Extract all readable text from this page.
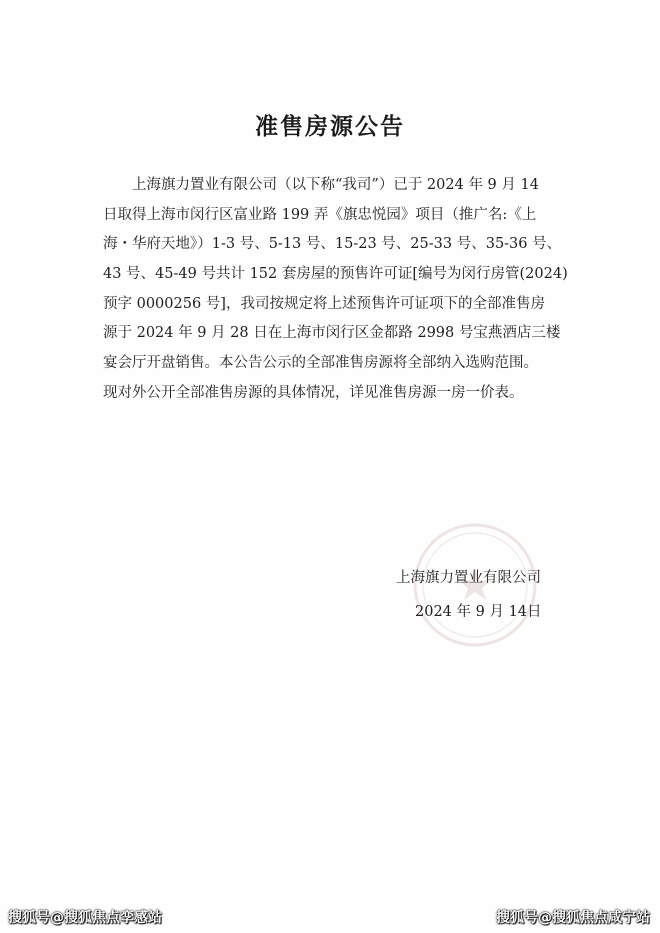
准售房源公告
上海旗力置业有限公司（以下称“我司”）已于 2024 年 9 月 14
日取得上海市闵行区富业路 199 弄《旗忠悦园》项目（推广名:《上
海・华府天地》）1-3 号、5-13 号、15-23 号、25-33 号、35-36 号、
43 号、45-49 号共计 152 套房屋的预售许可证[编号为闵行房管(2024)
预字 0000256 号]，我司按规定将上述预售许可证项下的全部准售房
源于 2024 年 9 月 28 日在上海市闵行区金都路 2998 号宝燕酒店三楼
宴会厅开盘销售。本公告公示的全部准售房源将全部纳入选购范围。
现对外公开全部准售房源的具体情况，详见准售房源一房一价表。
上海旗力置业有限公司
2024 年 9 月 14日
搜狐号@搜狐焦点孪感站	搜狐号@搜狐焦点咸宁站
